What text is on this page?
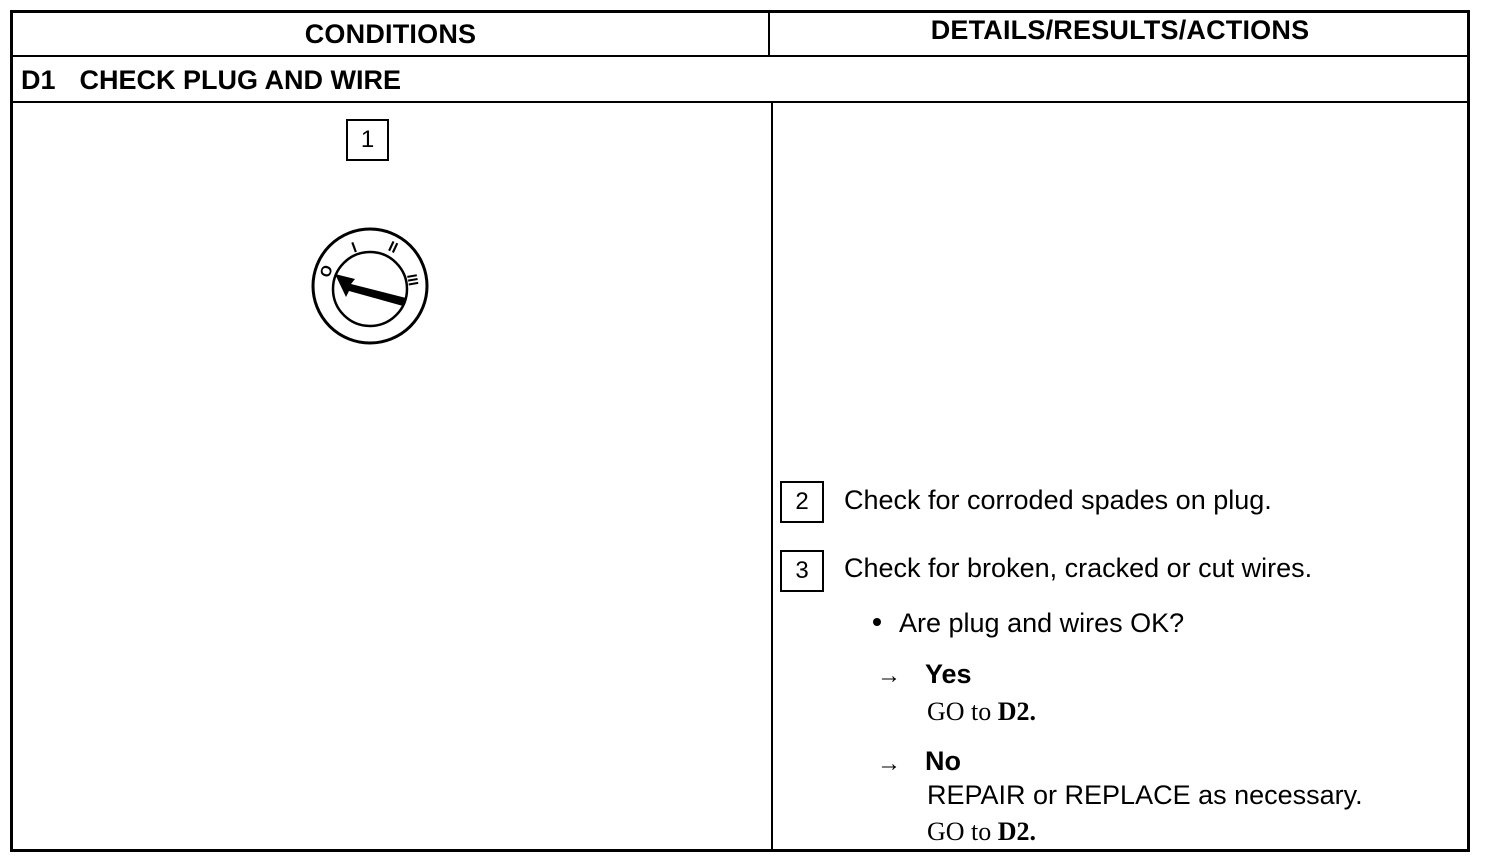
CONDITIONS	DETAILS/RESULTS/ACTIONS
D1 CHECK PLUG AND WIRE
1
O
I II
III
2	Check for corroded spades on plug.
3	Check for broken, cracked or cut wires.
Are plug and wires OK?
→ Yes
GO to D2.
→ No
REPAIR or REPLACE as necessary.
GO to D2.
